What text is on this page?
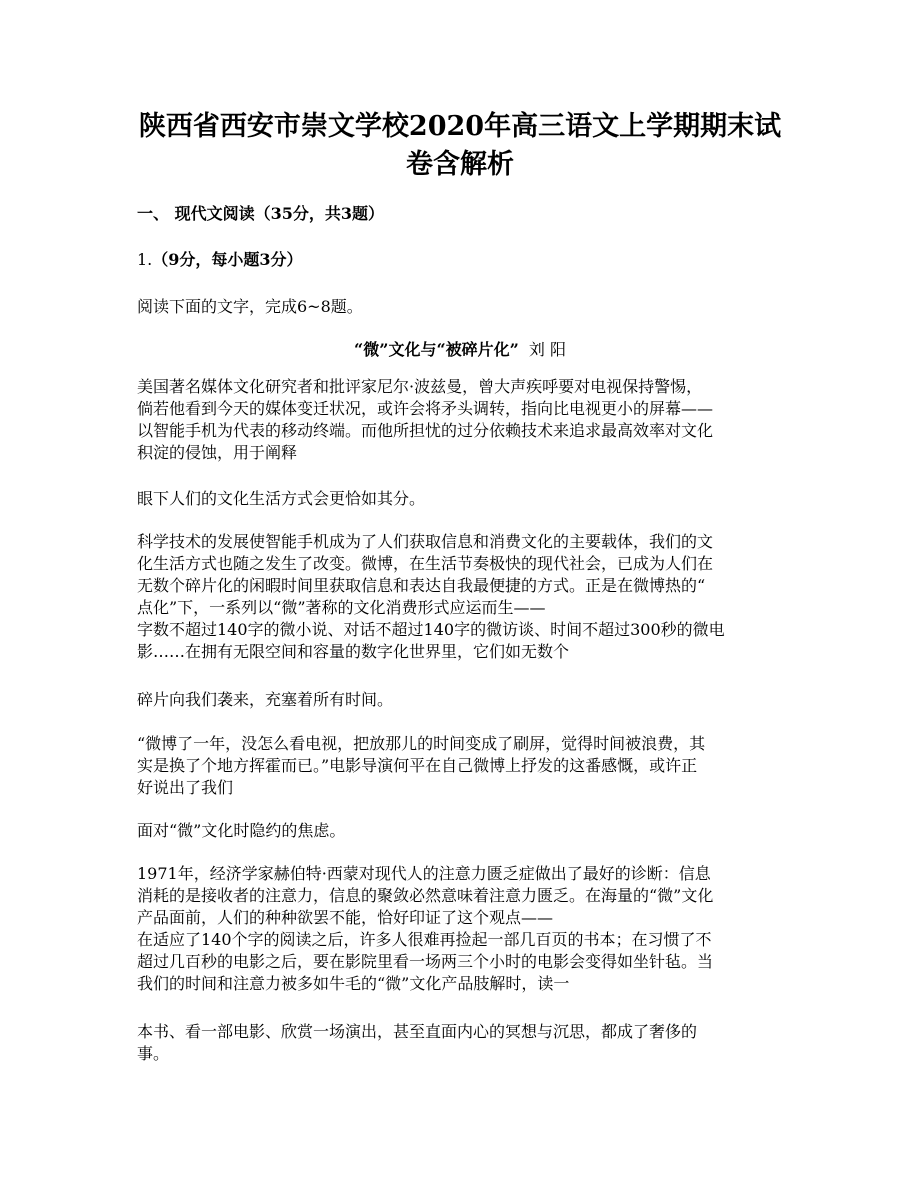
陕西省西安市崇文学校2020年高三语文上学期期末试
卷含解析
一、 现代文阅读（35分，共3题）
1.（9分，每小题3分）
阅读下面的文字，完成6~8题。
“微”文化与“被碎片化” 刘 阳
美国著名媒体文化研究者和批评家尼尔·波兹曼，曾大声疾呼要对电视保持警惕，
倘若他看到今天的媒体变迁状况，或许会将矛头调转，指向比电视更小的屏幕——
以智能手机为代表的移动终端。而他所担忧的过分依赖技术来追求最高效率对文化
积淀的侵蚀，用于阐释
眼下人们的文化生活方式会更恰如其分。
科学技术的发展使智能手机成为了人们获取信息和消费文化的主要载体，我们的文
化生活方式也随之发生了改变。微博，在生活节奏极快的现代社会，已成为人们在
无数个碎片化的闲暇时间里获取信息和表达自我最便捷的方式。正是在微博热的“
点化”下，一系列以“微”著称的文化消费形式应运而生——
字数不超过140字的微小说、对话不超过140字的微访谈、时间不超过300秒的微电
影……在拥有无限空间和容量的数字化世界里，它们如无数个
碎片向我们袭来，充塞着所有时间。
“微博了一年，没怎么看电视，把放那儿的时间变成了刷屏，觉得时间被浪费，其
实是换了个地方挥霍而已。”电影导演何平在自己微博上抒发的这番感慨，或许正
好说出了我们
面对“微”文化时隐约的焦虑。
1971年，经济学家赫伯特·西蒙对现代人的注意力匮乏症做出了最好的诊断：信息
消耗的是接收者的注意力，信息的聚敛必然意味着注意力匮乏。在海量的“微”文化
产品面前，人们的种种欲罢不能，恰好印证了这个观点——
在适应了140个字的阅读之后，许多人很难再捡起一部几百页的书本；在习惯了不
超过几百秒的电影之后，要在影院里看一场两三个小时的电影会变得如坐针毡。当
我们的时间和注意力被多如牛毛的“微”文化产品肢解时，读一
本书、看一部电影、欣赏一场演出，甚至直面内心的冥想与沉思，都成了奢侈的
事。
